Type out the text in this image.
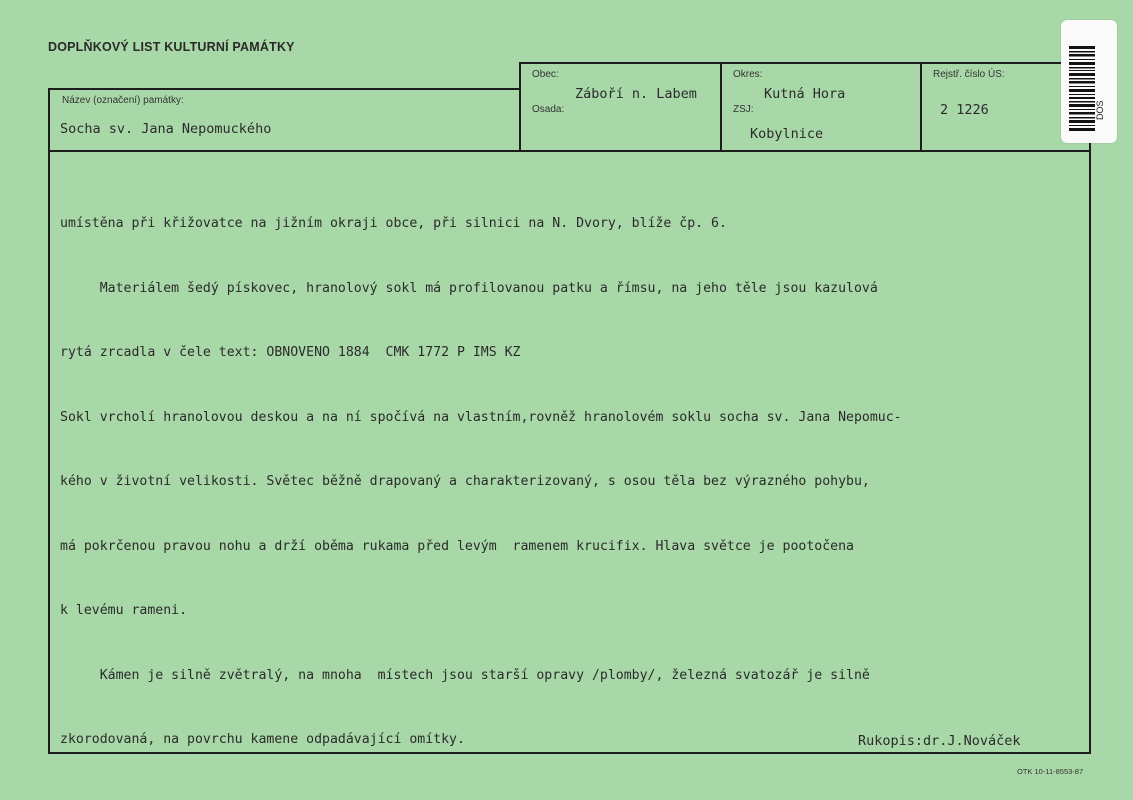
DOPLŇKOVÝ LIST KULTURNÍ PAMÁTKY
Název (označení) památky:
Obec:
Osada:
Okres:
ZSJ:
Rejstř. číslo ÚS:
Socha sv. Jana Nepomuckého
Záboří n. Labem	Kutná Hora
Kobylnice
2 1226

umístěna při křižovatce na jižním okraji obce, při silnici na N. Dvory, blíže čp. 6.

Materiálem šedý pískovec, hranolový sokl má profilovanou patku a římsu, na jeho těle jsou kazulová

rytá zrcadla v čele text: OBNOVENO 1884  CMK 1772 P IMS KZ

Sokl vrcholí hranolovou deskou a na ní spočívá na vlastním,rovněž hranolovém soklu socha sv. Jana Nepomuc-

kého v životní velikosti. Světec běžně drapovaný a charakterizovaný, s osou těla bez výrazného pohybu,

má pokrčenou pravou nohu a drží oběma rukama před levým  ramenem krucifix. Hlava světce je pootočena

k levému rameni.

Kámen je silně zvětralý, na mnoha  místech jsou starší opravy /plomby/, železná svatozář je silně

zkorodovaná, na povrchu kamene odpadávající omítky.

	Rukopis:dr.J.Nováček
OTK 10-11-8553-87
DOS
